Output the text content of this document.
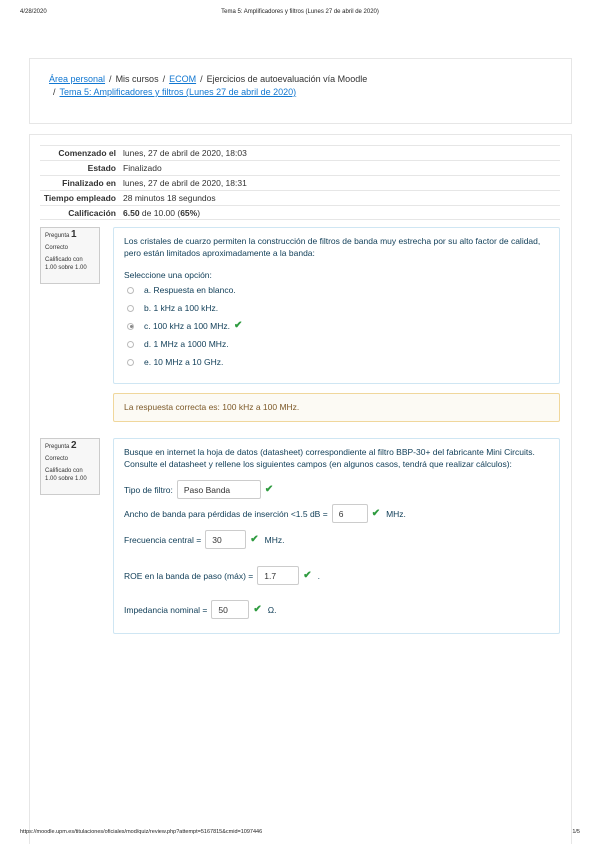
4/28/2020	Tema 5: Amplificadores y filtros (Lunes 27 de abril de 2020)
Área personal / Mis cursos / ECOM / Ejercicios de autoevaluación vía Moodle
/ Tema 5: Amplificadores y filtros (Lunes 27 de abril de 2020)
Comenzado el lunes, 27 de abril de 2020, 18:03
Estado Finalizado
Finalizado en lunes, 27 de abril de 2020, 18:31
Tiempo empleado 28 minutos 18 segundos
Calificación 6.50 de 10.00 (65%)
Pregunta 1
Correcto
Calificado con 1.00 sobre 1.00
Los cristales de cuarzo permiten la construcción de filtros de banda muy estrecha por su alto factor de calidad, pero están limitados aproximadamente a la banda:
Seleccione una opción:
a. Respuesta en blanco.
b. 1 kHz a 100 kHz.
c. 100 kHz a 100 MHz. ✔
d. 1 MHz a 1000 MHz.
e. 10 MHz a 10 GHz.
La respuesta correcta es: 100 kHz a 100 MHz.
Pregunta 2
Correcto
Calificado con 1.00 sobre 1.00
Busque en internet la hoja de datos (datasheet) correspondiente al filtro BBP-30+ del fabricante Mini Circuits. Consulte el datasheet y rellene los siguientes campos (en algunos casos, tendrá que realizar cálculos):
Tipo de filtro:	Paso Banda	✔
Ancho de banda para pérdidas de inserción <1.5 dB =	6	✔ MHz.
Frecuencia central =	30	✔ MHz.
ROE en la banda de paso (máx) =	1.7	✔ .
Impedancia nominal =	50	✔ Ω.
https://moodle.upm.es/titulaciones/oficiales/mod/quiz/review.php?attempt=5167815&cmid=1097446	1/5
